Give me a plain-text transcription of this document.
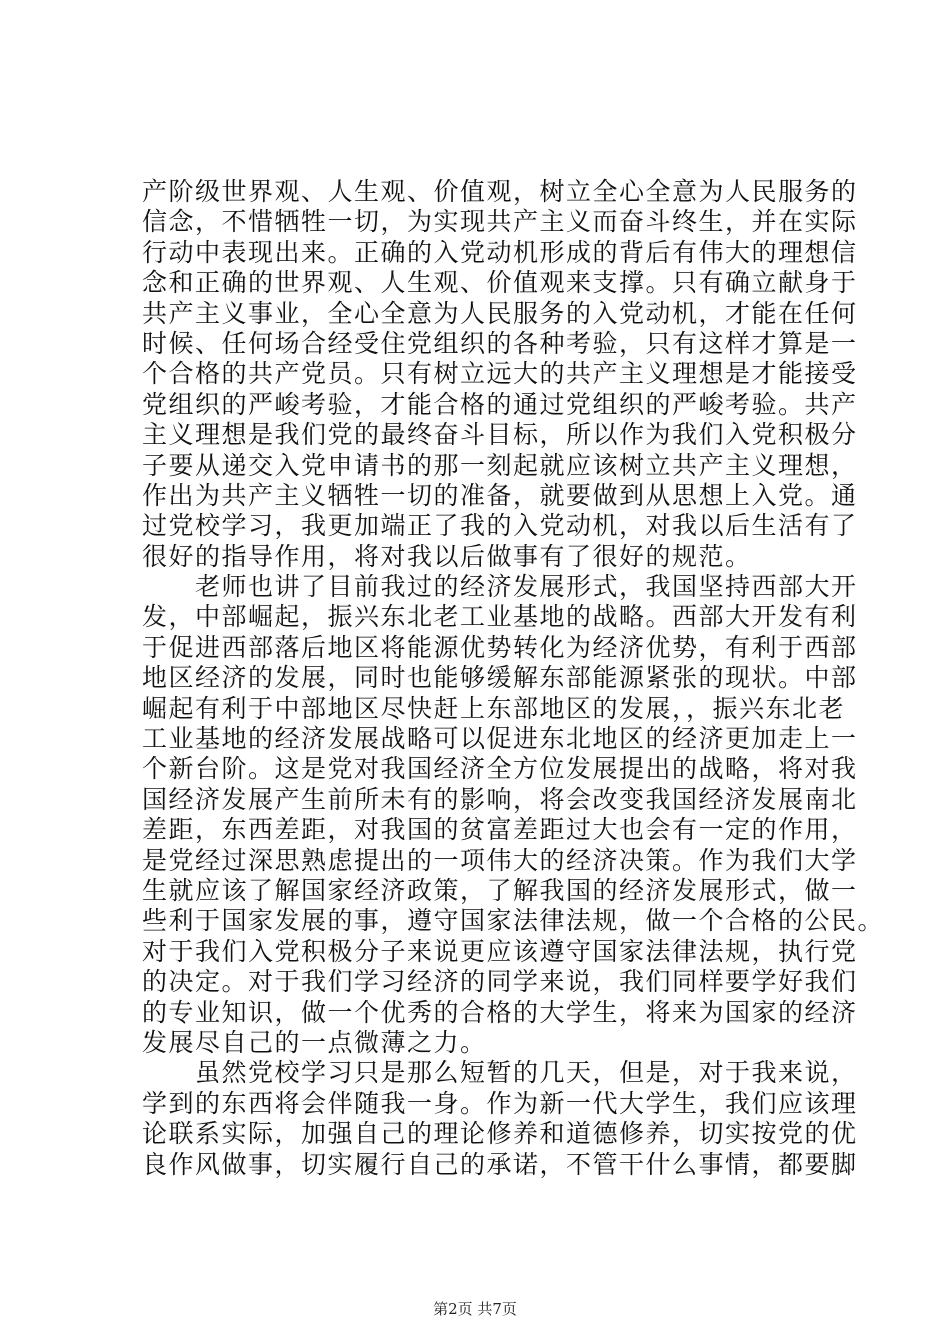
产阶级世界观、人生观、价值观，树立全心全意为人民服务的
信念，不惜牺牲一切，为实现共产主义而奋斗终生，并在实际
行动中表现出来。正确的入党动机形成的背后有伟大的理想信
念和正确的世界观、人生观、价值观来支撑。只有确立献身于
共产主义事业，全心全意为人民服务的入党动机，才能在任何
时候、任何场合经受住党组织的各种考验，只有这样才算是一
个合格的共产党员。只有树立远大的共产主义理想是才能接受
党组织的严峻考验，才能合格的通过党组织的严峻考验。共产
主义理想是我们党的最终奋斗目标，所以作为我们入党积极分
子要从递交入党申请书的那一刻起就应该树立共产主义理想，
作出为共产主义牺牲一切的准备，就要做到从思想上入党。通
过党校学习，我更加端正了我的入党动机，对我以后生活有了
很好的指导作用，将对我以后做事有了很好的规范。
　　老师也讲了目前我过的经济发展形式，我国坚持西部大开
发，中部崛起，振兴东北老工业基地的战略。西部大开发有利
于促进西部落后地区将能源优势转化为经济优势，有利于西部
地区经济的发展，同时也能够缓解东部能源紧张的现状。中部
崛起有利于中部地区尽快赶上东部地区的发展，，振兴东北老
工业基地的经济发展战略可以促进东北地区的经济更加走上一
个新台阶。这是党对我国经济全方位发展提出的战略，将对我
国经济发展产生前所未有的影响，将会改变我国经济发展南北
差距，东西差距，对我国的贫富差距过大也会有一定的作用，
是党经过深思熟虑提出的一项伟大的经济决策。作为我们大学
生就应该了解国家经济政策，了解我国的经济发展形式，做一
些利于国家发展的事，遵守国家法律法规，做一个合格的公民。
对于我们入党积极分子来说更应该遵守国家法律法规，执行党
的决定。对于我们学习经济的同学来说，我们同样要学好我们
的专业知识，做一个优秀的合格的大学生，将来为国家的经济
发展尽自己的一点微薄之力。
　　虽然党校学习只是那么短暂的几天，但是，对于我来说，
学到的东西将会伴随我一身。作为新一代大学生，我们应该理
论联系实际，加强自己的理论修养和道德修养，切实按党的优
良作风做事，切实履行自己的承诺，不管干什么事情，都要脚
第2页 共7页
